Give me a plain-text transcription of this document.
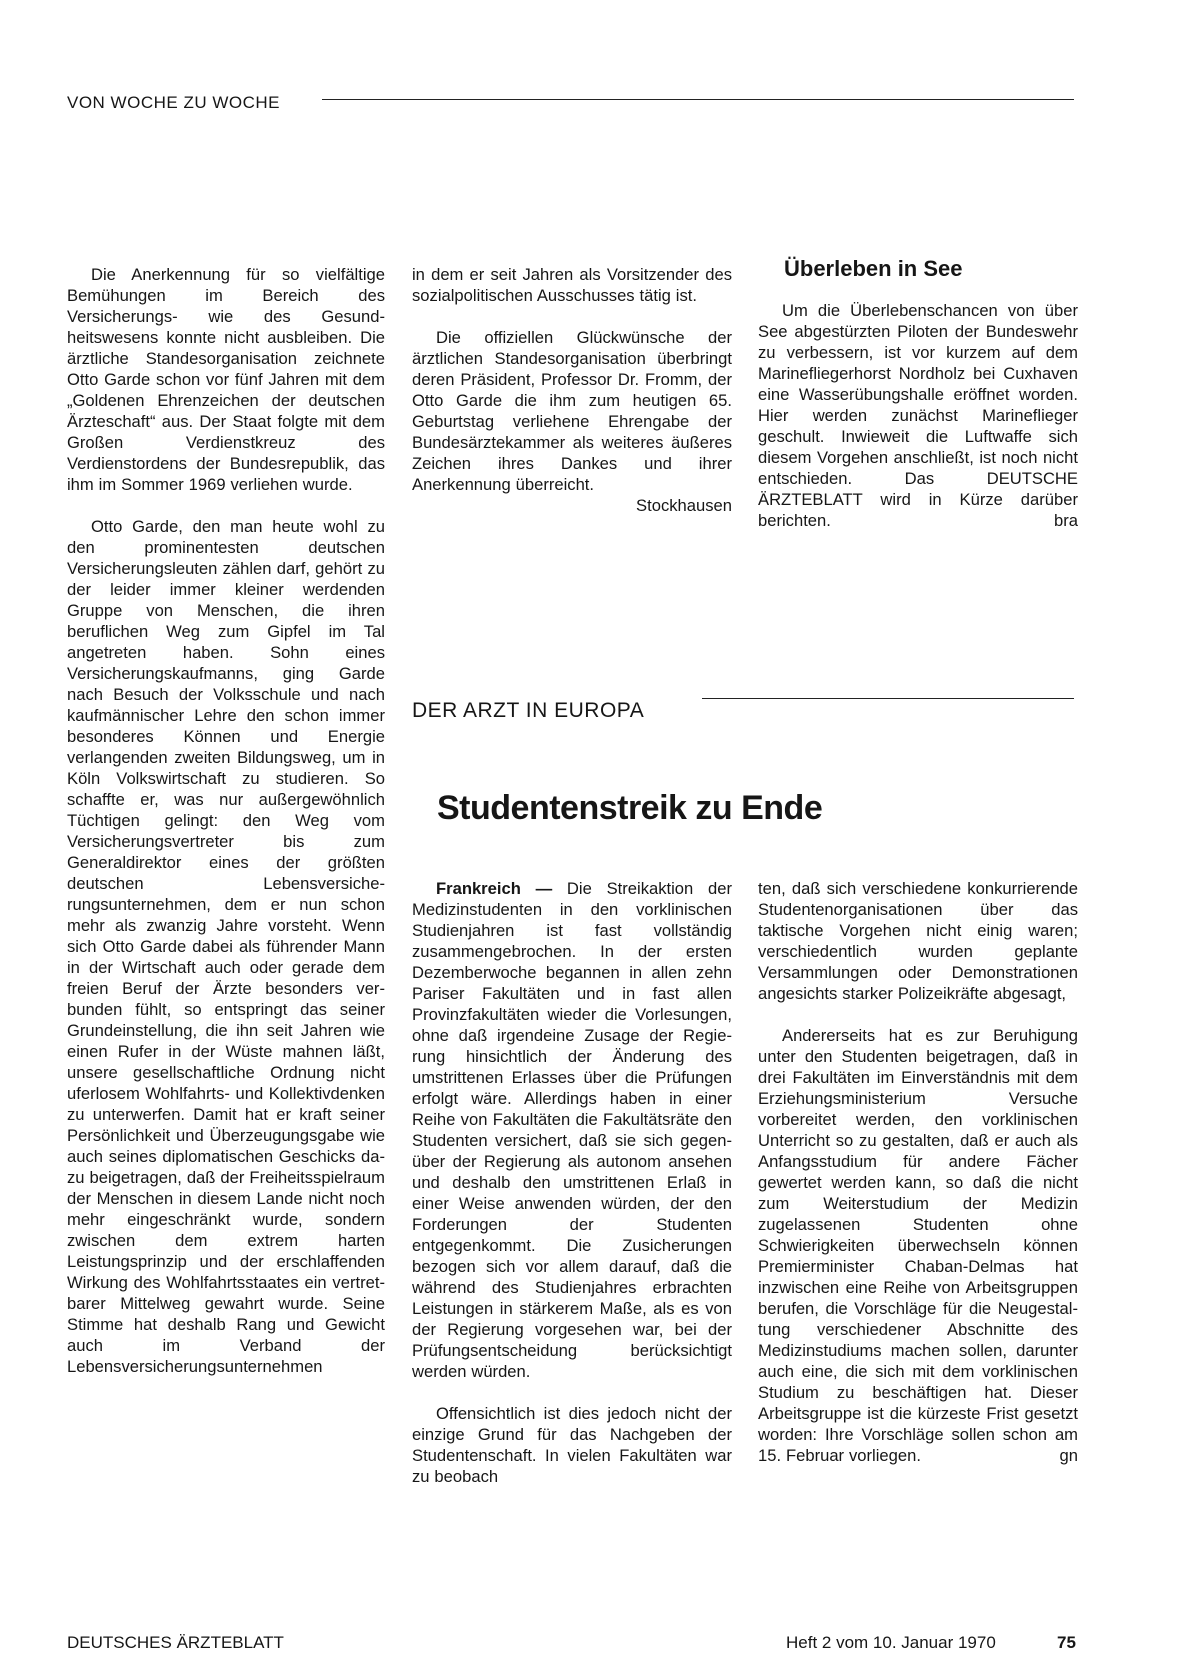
VON WOCHE ZU WOCHE

Die Anerkennung für so vielfältige Bemühungen im Bereich des Versicherungs- wie des Gesundheitswesens konnte nicht ausbleiben. Die ärztliche Standesorganisation zeichnete Otto Garde schon vor fünf Jahren mit dem „Goldenen Ehrenzeichen der deutschen Ärzteschaft“ aus. Der Staat folgte mit dem Großen Verdienstkreuz des Verdienstordens der Bundesrepublik, das ihm im Sommer 1969 verliehen wurde.

Otto Garde, den man heute wohl zu den prominentesten deutschen Versicherungsleuten zählen darf, gehört zu der leider immer kleiner werdenden Gruppe von Menschen, die ihren beruflichen Weg zum Gipfel im Tal angetreten haben. Sohn eines Versicherungskaufmanns, ging Garde nach Besuch der Volksschule und nach kaufmännischer Lehre den schon immer besonderes Können und Energie verlangenden zweiten Bildungsweg, um in Köln Volkswirtschaft zu studieren. So schaffte er, was nur außergewöhnlich Tüchtigen gelingt: den Weg vom Versicherungsvertreter bis zum Generaldirektor eines der größten deutschen Lebensversicherungsunternehmen, dem er nun schon mehr als zwanzig Jahre vorsteht. Wenn sich Otto Garde dabei als führender Mann in der Wirtschaft auch oder gerade dem freien Beruf der Ärzte besonders verbunden fühlt, so entspringt das seiner Grundeinstellung, die ihn seit Jahren wie einen Rufer in der Wüste mahnen läßt, unsere gesellschaftliche Ordnung nicht uferlosem Wohlfahrts- und Kollektivdenken zu unterwerfen. Damit hat er kraft seiner Persönlichkeit und Überzeugungsgabe wie auch seines diplomatischen Geschicks dazu beigetragen, daß der Freiheitsspielraum der Menschen in diesem Lande nicht noch mehr eingeschränkt wurde, sondern zwischen dem extrem harten Leistungsprinzip und der erschlaffenden Wirkung des Wohlfahrtsstaates ein vertretbarer Mittelweg gewahrt wurde. Seine Stimme hat deshalb Rang und Gewicht auch im Verband der Lebensversicherungsunternehmen

in dem er seit Jahren als Vorsitzender des sozialpolitischen Ausschusses tätig ist.

Die offiziellen Glückwünsche der ärztlichen Standesorganisation überbringt deren Präsident, Professor Dr. Fromm, der Otto Garde die ihm zum heutigen 65. Geburtstag verliehene Ehrengabe der Bundesärztekammer als weiteres äußeres Zeichen ihres Dankes und ihrer Anerkennung überreicht.

Stockhausen

Überleben in See

Um die Überlebenschancen von über See abgestürzten Piloten der Bundeswehr zu verbessern, ist vor kurzem auf dem Marinefliegerhorst Nordholz bei Cuxhaven eine Wasserübungshalle eröffnet worden. Hier werden zunächst Marineflieger geschult. Inwieweit die Luftwaffe sich diesem Vorgehen anschließt, ist noch nicht entschieden. Das DEUTSCHE ÄRZTEBLATT wird in Kürze darüber berichten.	bra

DER ARZT IN EUROPA
Studentenstreik zu Ende

Frankreich — Die Streikaktion der Medizinstudenten in den vorklinischen Studienjahren ist fast vollständig zusammengebrochen. In der ersten Dezemberwoche begannen in allen zehn Pariser Fakultäten und in fast allen Provinzfakultäten wieder die Vorlesungen, ohne daß irgendeine Zusage der Regierung hinsichtlich der Änderung des umstrittenen Erlasses über die Prüfungen erfolgt wäre. Allerdings haben in einer Reihe von Fakultäten die Fakultätsräte den Studenten versichert, daß sie sich gegenüber der Regierung als autonom ansehen und deshalb den umstrittenen Erlaß in einer Weise anwenden würden, der den Forderungen der Studenten entgegenkommt. Die Zusicherungen bezogen sich vor allem darauf, daß die während des Studienjahres erbrachten Leistungen in stärkerem Maße, als es von der Regierung vorgesehen war, bei der Prüfungsentscheidung berücksichtigt werden würden.

Offensichtlich ist dies jedoch nicht der einzige Grund für das Nachgeben der Studentenschaft. In vielen Fakultäten war zu beobach

ten, daß sich verschiedene konkurrierende Studentenorganisationen über das taktische Vorgehen nicht einig waren; verschiedentlich wurden geplante Versammlungen oder Demonstrationen angesichts starker Polizeikräfte abgesagt,

Andererseits hat es zur Beruhigung unter den Studenten beigetragen, daß in drei Fakultäten im Einverständnis mit dem Erziehungsministerium Versuche vorbereitet werden, den vorklinischen Unterricht so zu gestalten, daß er auch als Anfangsstudium für andere Fächer gewertet werden kann, so daß die nicht zum Weiterstudium der Medizin zugelassenen Studenten ohne Schwierigkeiten überwechseln können Premierminister Chaban-Delmas hat inzwischen eine Reihe von Arbeitsgruppen berufen, die Vorschläge für die Neugestaltung verschiedener Abschnitte des Medizinstudiums machen sollen, darunter auch eine, die sich mit dem vorklinischen Studium zu beschäftigen hat. Dieser Arbeitsgruppe ist die kürzeste Frist gesetzt worden: Ihre Vorschläge sollen schon am 15. Februar vorliegen.	gn

DEUTSCHES ÄRZTEBLATT	Heft 2 vom 10. Januar 1970	75
